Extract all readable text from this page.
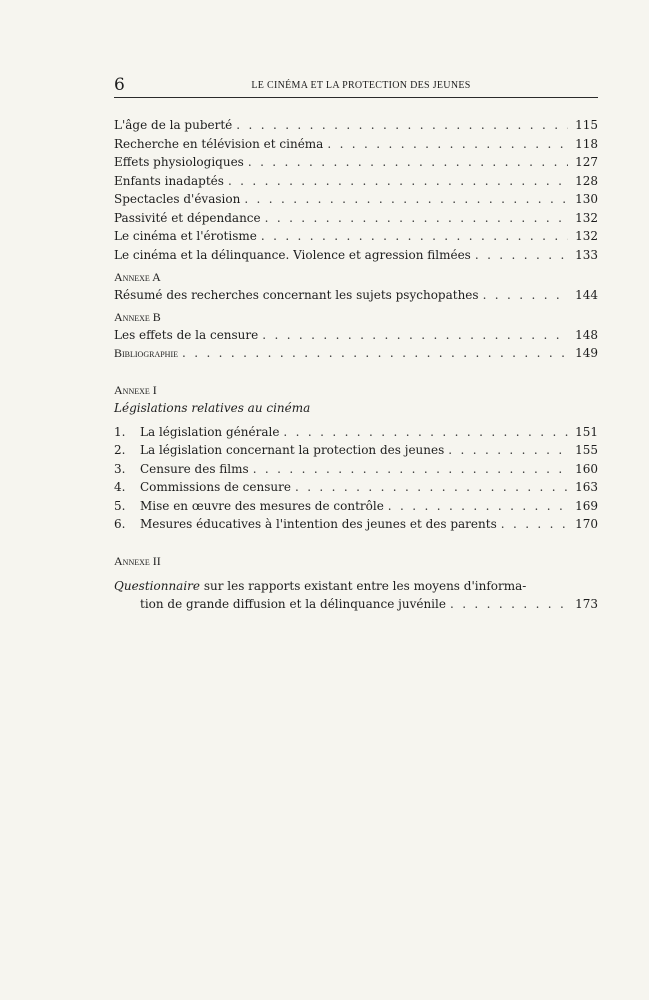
6	LE CINÉMA ET LA PROTECTION DES JEUNES
L'âge de la puberté . . .	115
Recherche en télévision et cinéma . . .	118
Effets physiologiques . . .	127
Enfants inadaptés . . .	128
Spectacles d'évasion . . .	130
Passivité et dépendance . . .	132
Le cinéma et l'érotisme . . .	132
Le cinéma et la délinquance. Violence et agression filmées . . .	133
Annexe A
Résumé des recherches concernant les sujets psychopathes . . .	144
Annexe B
Les effets de la censure . . .	148
Bibliographie . . .	149
Annexe I
Législations relatives au cinéma
1.	La législation générale . . .	151
2.	La législation concernant la protection des jeunes . . .	155
3.	Censure des films . . .	160
4.	Commissions de censure . . .	163
5.	Mise en œuvre des mesures de contrôle . . .	169
6.	Mesures éducatives à l'intention des jeunes et des parents . . .	170
Annexe II
Questionnaire sur les rapports existant entre les moyens d'informa-
tion de grande diffusion et la délinquance juvénile . . .	173
